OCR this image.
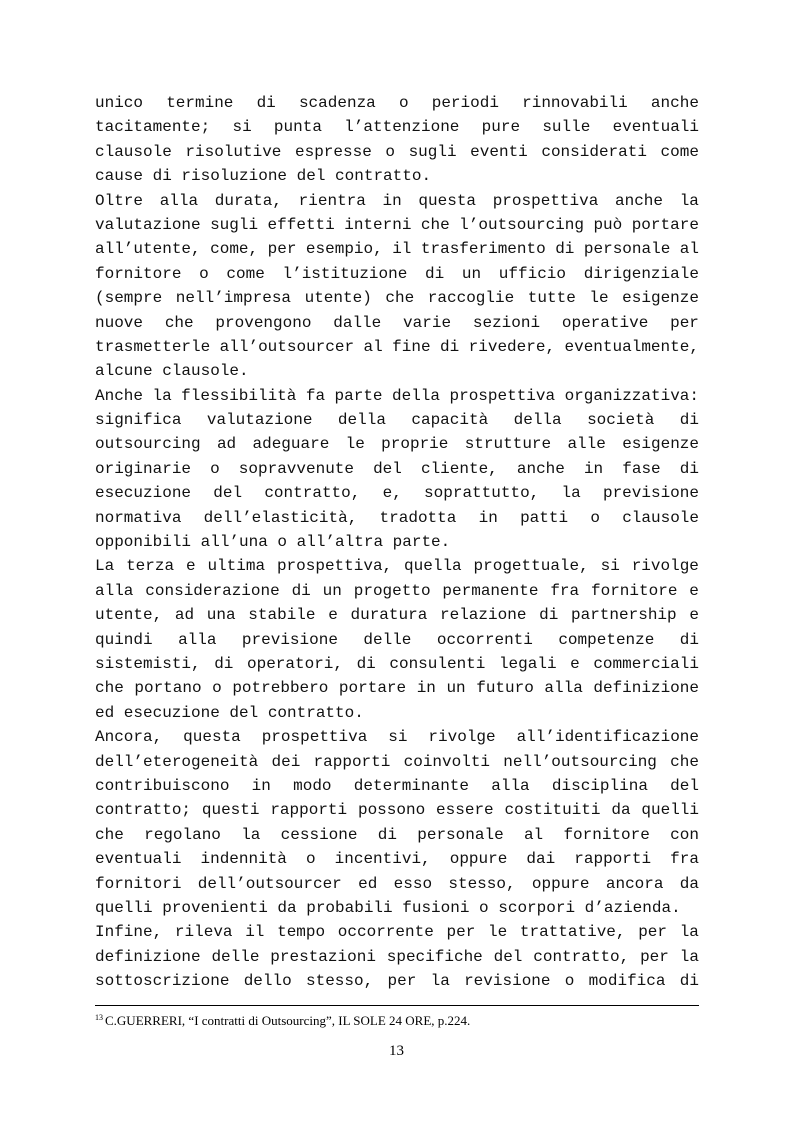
unico termine di scadenza o periodi rinnovabili anche
tacitamente; si punta l’attenzione pure sulle eventuali
clausole risolutive espresse o sugli eventi considerati come
cause di risoluzione del contratto.
Oltre alla durata, rientra in questa prospettiva anche la
valutazione sugli effetti interni che l’outsourcing può portare
all’utente, come, per esempio, il trasferimento di personale al
fornitore o come l’istituzione di un ufficio dirigenziale
(sempre nell’impresa utente) che raccoglie tutte le esigenze
nuove che provengono dalle varie sezioni operative per
trasmetterle all’outsourcer al fine di rivedere, eventualmente,
alcune clausole.
Anche la flessibilità fa parte della prospettiva organizzativa:
significa valutazione della capacità della società di
outsourcing ad adeguare le proprie strutture alle esigenze
originarie o sopravvenute del cliente, anche in fase di
esecuzione del contratto, e, soprattutto, la previsione
normativa dell’elasticità, tradotta in patti o clausole
opponibili all’una o all’altra parte.
La terza e ultima prospettiva, quella progettuale, si rivolge
alla considerazione di un progetto permanente fra fornitore e
utente, ad una stabile e duratura relazione di partnership e
quindi alla previsione delle occorrenti competenze di
sistemisti, di operatori, di consulenti legali e commerciali
che portano o potrebbero portare in un futuro alla definizione
ed esecuzione del contratto.
Ancora, questa prospettiva si rivolge all’identificazione
dell’eterogeneità dei rapporti coinvolti nell’outsourcing che
contribuiscono in modo determinante alla disciplina del
contratto; questi rapporti possono essere costituiti da quelli
che regolano la cessione di personale al fornitore con
eventuali indennità o incentivi, oppure dai rapporti fra
fornitori dell’outsourcer ed esso stesso, oppure ancora da
quelli provenienti da probabili fusioni o scorpori d’azienda.
Infine, rileva il tempo occorrente per le trattative, per la
definizione delle prestazioni specifiche del contratto, per la
sottoscrizione dello stesso, per la revisione o modifica di
$^{13}$ C.GUERRERI, “I contratti di Outsourcing”, IL SOLE 24 ORE, p.224.
13
